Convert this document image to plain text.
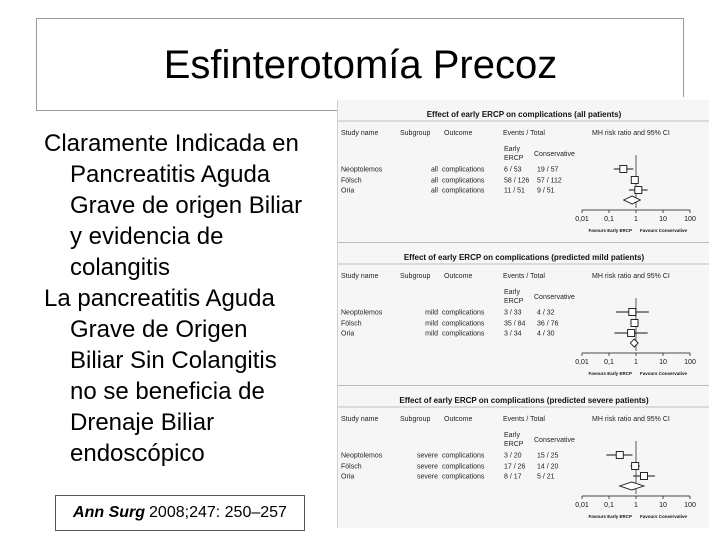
Esfinterotomía Precoz
Claramente Indicada en
Pancreatitis Aguda
Grave de origen Biliar
y evidencia de
colangitis
La pancreatitis Aguda
Grave de Origen
Biliar Sin Colangitis
no se beneficia de
Drenaje Biliar
endoscópico
Ann Surg 2008;247: 250–257
Effect of early ERCP on complications (all patients)
Study name	Subgroup Outcome	Events / Total	MH risk ratio and 95% CI
Early
ERCP
Conservative
Neoptolemos	all complications	6 / 53 19 / 57
Fölsch	all complications	58 / 126 57 / 112
Oria	all complications	11 / 51 9 / 51
0,01 0,1	1	10 100
Favours Early ERCP Favours Conservative
Effect of early ERCP on complications (predicted mild patients)
Study name	Subgroup Outcome	Events / Total	MH risk ratio and 95% CI
Early
ERCP
Conservative
Neoptolemos	mild complications	3 / 33 4 / 32
Fölsch	mild complications	35 / 84 36 / 76
Oria	mild complications	3 / 34 4 / 30
0,01 0,1	1	10 100
Favours Early ERCP Favours Conservative
Effect of early ERCP on complications (predicted severe patients)
Study name	Subgroup Outcome	Events / Total	MH risk ratio and 95% CI
Early
ERCP
Conservative
Neoptolemos	severe complications	3 / 20 15 / 25
Fölsch	severe complications	17 / 26 14 / 20
Oria	severe complications	8 / 17 5 / 21
0,01 0,1	1	10 100
Favours Early ERCP Favours Conservative
